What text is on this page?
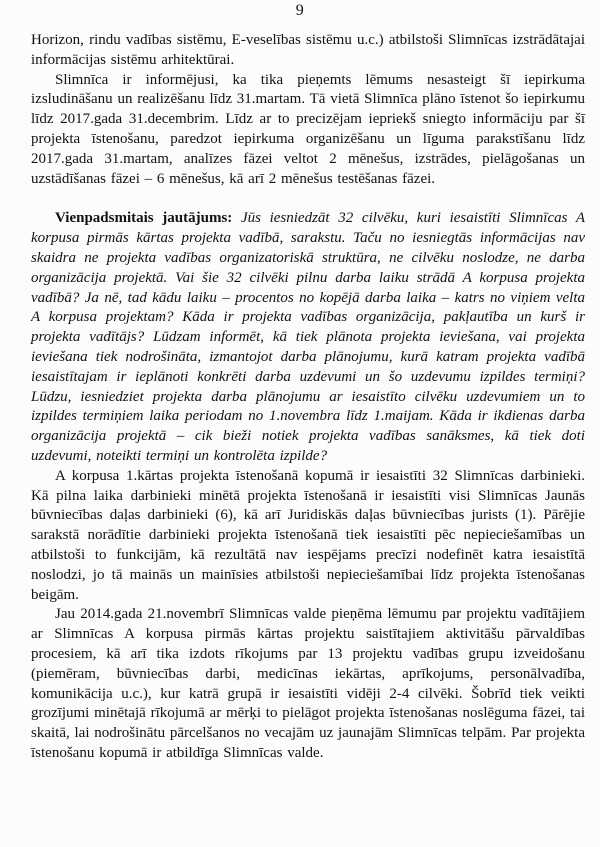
9

Horizon, rindu vadības sistēmu, E-veselības sistēmu u.c.) atbilstoši Slimnīcas izstrādātajai informācijas sistēmu arhitektūrai.

Slimnīca ir informējusi, ka tika pieņemts lēmums nesasteigt šī iepirkuma izsludināšanu un realizēšanu līdz 31.martam. Tā vietā Slimnīca plāno īstenot šo iepirkumu līdz 2017.gada 31.decembrim. Līdz ar to precizējam iepriekš sniegto informāciju par šī projekta īstenošanu, paredzot iepirkuma organizēšanu un līguma parakstīšanu līdz 2017.gada 31.martam, analīzes fāzei veltot 2 mēnešus, izstrādes, pielāgošanas un uzstādīšanas fāzei – 6 mēnešus, kā arī 2 mēnešus testēšanas fāzei.

Vienpadsmitais jautājums: Jūs iesniedzāt 32 cilvēku, kuri iesaistīti Slimnīcas A korpusa pirmās kārtas projekta vadībā, sarakstu. Taču no iesniegtās informācijas nav skaidra ne projekta vadības organizatoriskā struktūra, ne cilvēku noslodze, ne darba organizācija projektā. Vai šie 32 cilvēki pilnu darba laiku strādā A korpusa projekta vadībā? Ja nē, tad kādu laiku – procentos no kopējā darba laika – katrs no viņiem velta A korpusa projektam? Kāda ir projekta vadības organizācija, pakļautība un kurš ir projekta vadītājs? Lūdzam informēt, kā tiek plānota projekta ieviešana, vai projekta ieviešana tiek nodrošināta, izmantojot darba plānojumu, kurā katram projekta vadībā iesaistītajam ir ieplānoti konkrēti darba uzdevumi un šo uzdevumu izpildes termiņi? Lūdzu, iesniedziet projekta darba plānojumu ar iesaistīto cilvēku uzdevumiem un to izpildes termiņiem laika periodam no 1.novembra līdz 1.maijam. Kāda ir ikdienas darba organizācija projektā – cik bieži notiek projekta vadības sanāksmes, kā tiek doti uzdevumi, noteikti termiņi un kontrolēta izpilde?

A korpusa 1.kārtas projekta īstenošanā kopumā ir iesaistīti 32 Slimnīcas darbinieki. Kā pilna laika darbinieki minētā projekta īstenošanā ir iesaistīti visi Slimnīcas Jaunās būvniecības daļas darbinieki (6), kā arī Juridiskās daļas būvniecības jurists (1). Pārējie sarakstā norādītie darbinieki projekta īstenošanā tiek iesaistīti pēc nepieciešamības un atbilstoši to funkcijām, kā rezultātā nav iespējams precīzi nodefinēt katra iesaistītā noslodzi, jo tā mainās un mainīsies atbilstoši nepieciešamībai līdz projekta īstenošanas beigām.

Jau 2014.gada 21.novembrī Slimnīcas valde pieņēma lēmumu par projektu vadītājiem ar Slimnīcas A korpusa pirmās kārtas projektu saistītajiem aktivitāšu pārvaldības procesiem, kā arī tika izdots rīkojums par 13 projektu vadības grupu izveidošanu (piemēram, būvniecības darbi, medicīnas iekārtas, aprīkojums, personālvadība, komunikācija u.c.), kur katrā grupā ir iesaistīti vidēji 2-4 cilvēki. Šobrīd tiek veikti grozījumi minētajā rīkojumā ar mērķi to pielāgot projekta īstenošanas noslēguma fāzei, tai skaitā, lai nodrošinātu pārcelšanos no vecajām uz jaunajām Slimnīcas telpām. Par projekta īstenošanu kopumā ir atbildīga Slimnīcas valde.
